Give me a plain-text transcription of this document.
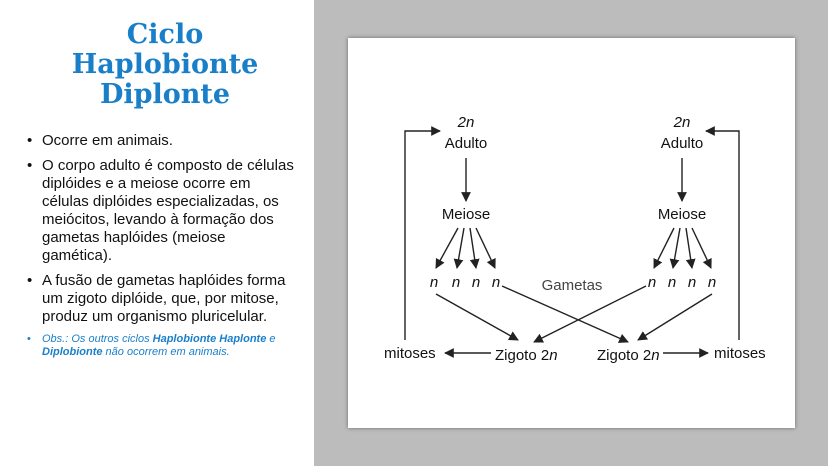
Ciclo
Haplobionte
Diplonte
• Ocorre em animais.
• O corpo adulto é composto de células diplóides e a meiose ocorre em células diplóides especializadas, os meiócitos, levando à formação dos gametas haplóides (meiose gamética).
• A fusão de gametas haplóides forma um zigoto diplóide, que, por mitose, produz um organismo pluricelular.
• Obs.: Os outros ciclos Haplobionte Haplonte e Diplobionte não ocorrem em animais.
2n
Adulto
Meiose
n n n n
2n
Adulto
Meiose
n n n n
Gametas
Zigoto 2n	Zigoto 2n
mitoses	mitoses
